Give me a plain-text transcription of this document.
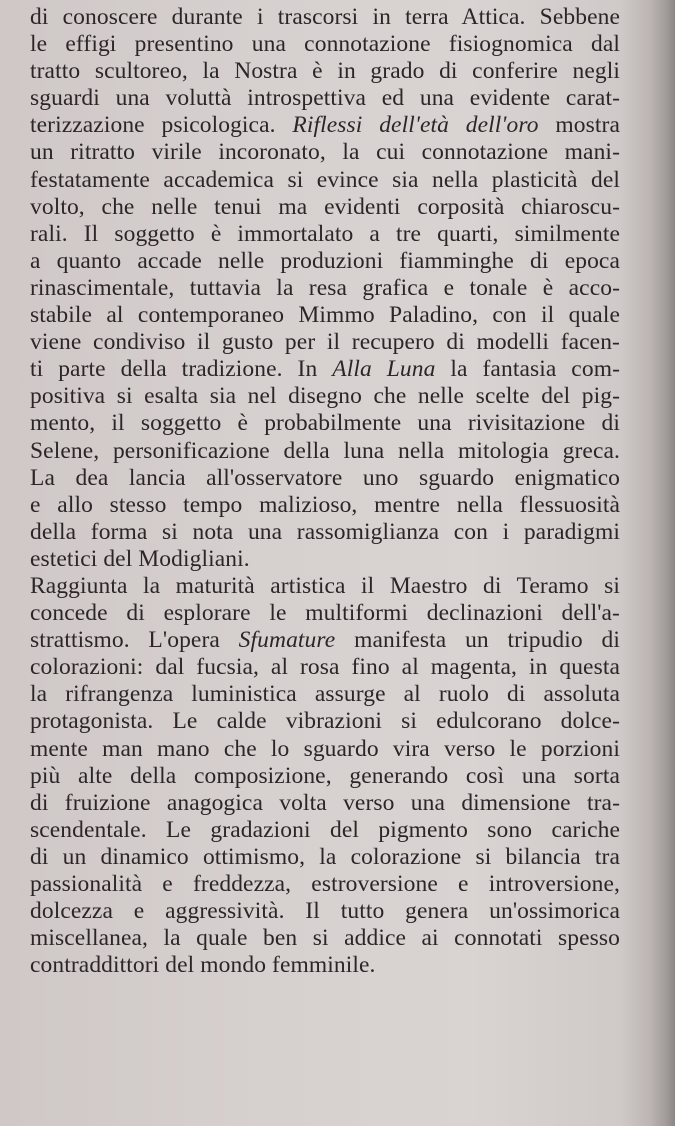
di conoscere durante i trascorsi in terra Attica. Sebbene
le effigi presentino una connotazione fisiognomica dal
tratto scultoreo, la Nostra è in grado di conferire negli
sguardi una voluttà introspettiva ed una evidente carat-
terizzazione psicologica. Riflessi dell'età dell'oro mostra
un ritratto virile incoronato, la cui connotazione mani-
festatamente accademica si evince sia nella plasticità del
volto, che nelle tenui ma evidenti corposità chiaroscu-
rali. Il soggetto è immortalato a tre quarti, similmente
a quanto accade nelle produzioni fiamminghe di epoca
rinascimentale, tuttavia la resa grafica e tonale è acco-
stabile al contemporaneo Mimmo Paladino, con il quale
viene condiviso il gusto per il recupero di modelli facen-
ti parte della tradizione. In Alla Luna la fantasia com-
positiva si esalta sia nel disegno che nelle scelte del pig-
mento, il soggetto è probabilmente una rivisitazione di
Selene, personificazione della luna nella mitologia greca.
La dea lancia all'osservatore uno sguardo enigmatico
e allo stesso tempo malizioso, mentre nella flessuosità
della forma si nota una rassomiglianza con i paradigmi
estetici del Modigliani.
Raggiunta la maturità artistica il Maestro di Teramo si
concede di esplorare le multiformi declinazioni dell'a-
strattismo. L'opera Sfumature manifesta un tripudio di
colorazioni: dal fucsia, al rosa fino al magenta, in questa
la rifrangenza luministica assurge al ruolo di assoluta
protagonista. Le calde vibrazioni si edulcorano dolce-
mente man mano che lo sguardo vira verso le porzioni
più alte della composizione, generando così una sorta
di fruizione anagogica volta verso una dimensione tra-
scendentale. Le gradazioni del pigmento sono cariche
di un dinamico ottimismo, la colorazione si bilancia tra
passionalità e freddezza, estroversione e introversione,
dolcezza e aggressività. Il tutto genera un'ossimorica
miscellanea, la quale ben si addice ai connotati spesso
contraddittori del mondo femminile.
